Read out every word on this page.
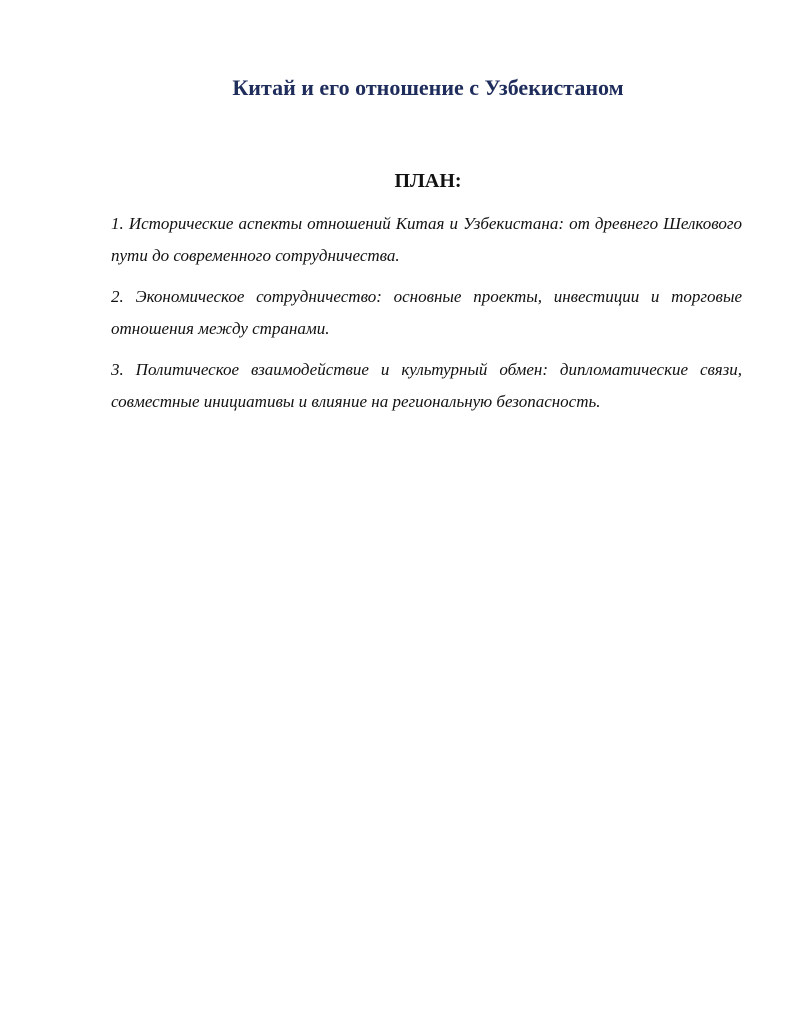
Китай и его отношение с Узбекистаном
ПЛАН:
1. Исторические аспекты отношений Китая и Узбекистана: от древнего Шелкового пути до современного сотрудничества.
2. Экономическое сотрудничество: основные проекты, инвестиции и торговые отношения между странами.
3. Политическое взаимодействие и культурный обмен: дипломатические связи, совместные инициативы и влияние на региональную безопасность.
